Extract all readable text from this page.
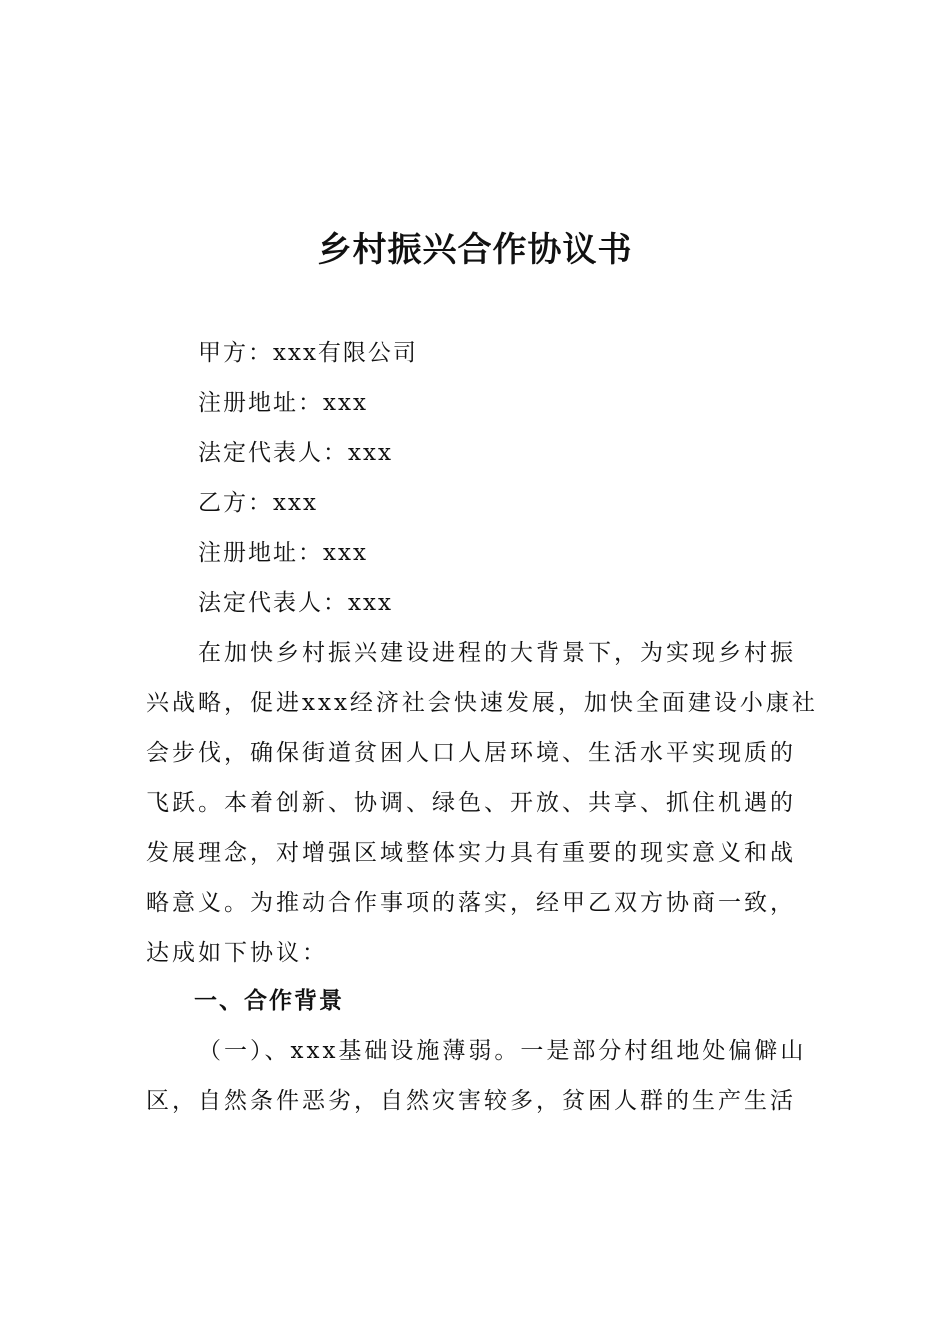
乡村振兴合作协议书
甲方：xxx有限公司
注册地址：xxx
法定代表人：xxx
乙方：xxx
注册地址：xxx
法定代表人：xxx
在加快乡村振兴建设进程的大背景下，为实现乡村振
兴战略，促进xxx经济社会快速发展，加快全面建设小康社
会步伐，确保街道贫困人口人居环境、生活水平实现质的
飞跃。本着创新、协调、绿色、开放、共享、抓住机遇的
发展理念，对增强区域整体实力具有重要的现实意义和战
略意义。为推动合作事项的落实，经甲乙双方协商一致，
达成如下协议：
一、合作背景
（一）、xxx基础设施薄弱。一是部分村组地处偏僻山
区，自然条件恶劣，自然灾害较多，贫困人群的生产生活
